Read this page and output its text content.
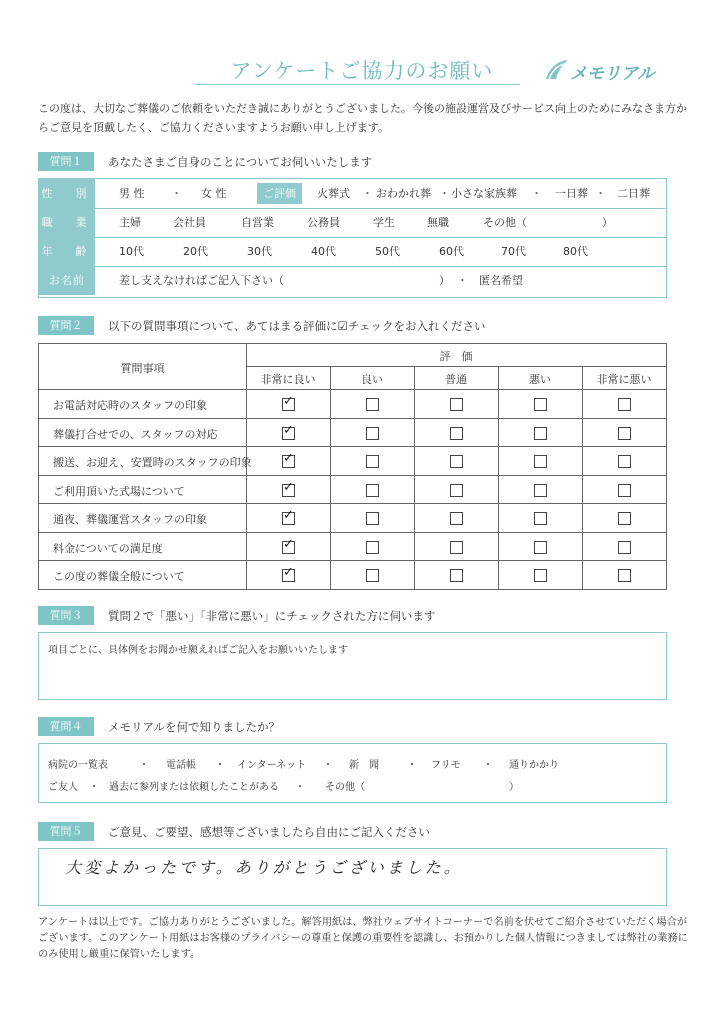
アンケートご協力のお願い	メモリアル
この度は、大切なご葬儀のご依頼をいただき誠にありがとうございました。今後の施設運営及びサービス向上のためにみなさま方からご意見を頂戴したく、ご協力くださいますようお願い申し上げます。
質問１	あなたさまご自身のことについてお伺いいたします
性　別 男 性 ・ 女 性	ご評価	火葬式 ・ おわかれ葬 ・ 小さな家族葬 ・ 一日葬 ・ 二日葬
職　業 主婦	会社員	自営業	公務員	学生	無職	その他（	）
年　齢 10代	20代	30代	40代	50代	60代	70代	80代
お名前	差し支えなければご記入下さい（	） ・ 匿名希望
質問２	以下の質問事項について、あてはまる評価に☑チェックをお入れください
質問事項
評　価
非常に良い	良い	普通	悪い	非常に悪い
お電話対応時のスタッフの印象	✓
葬儀打合せでの、スタッフの対応	✓
搬送、お迎え、安置時のスタッフの印象 ✓
ご利用頂いた式場について	✓
通夜、葬儀運営スタッフの印象	✓
料金についての満足度	✓
この度の葬儀全般について	✓
質問３	質問２で「悪い」「非常に悪い」にチェックされた方に伺います
項目ごとに、具体例をお聞かせ願えればご記入をお願いいたします
質問４	メモリアルを何で知りましたか？
病院の一覧表	・ 電話帳 ・ インターネット ・ 新　聞	・ フリモ ・ 通りかかり
ご友人 ・ 過去に参列または依頼したことがある ・ その他（	）
質問５	ご意見、ご要望、感想等ございましたら自由にご記入ください
大変よかったです。ありがとうございました。
アンケートは以上です。ご協力ありがとうございました。解答用紙は、弊社ウェブサイトコーナーで名前を伏せてご紹介させていただく場合がございます。このアンケート用紙はお客様のプライバシーの尊重と保護の重要性を認識し、お預かりした個人情報につきましては弊社の業務にのみ使用し厳重に保管いたします。
